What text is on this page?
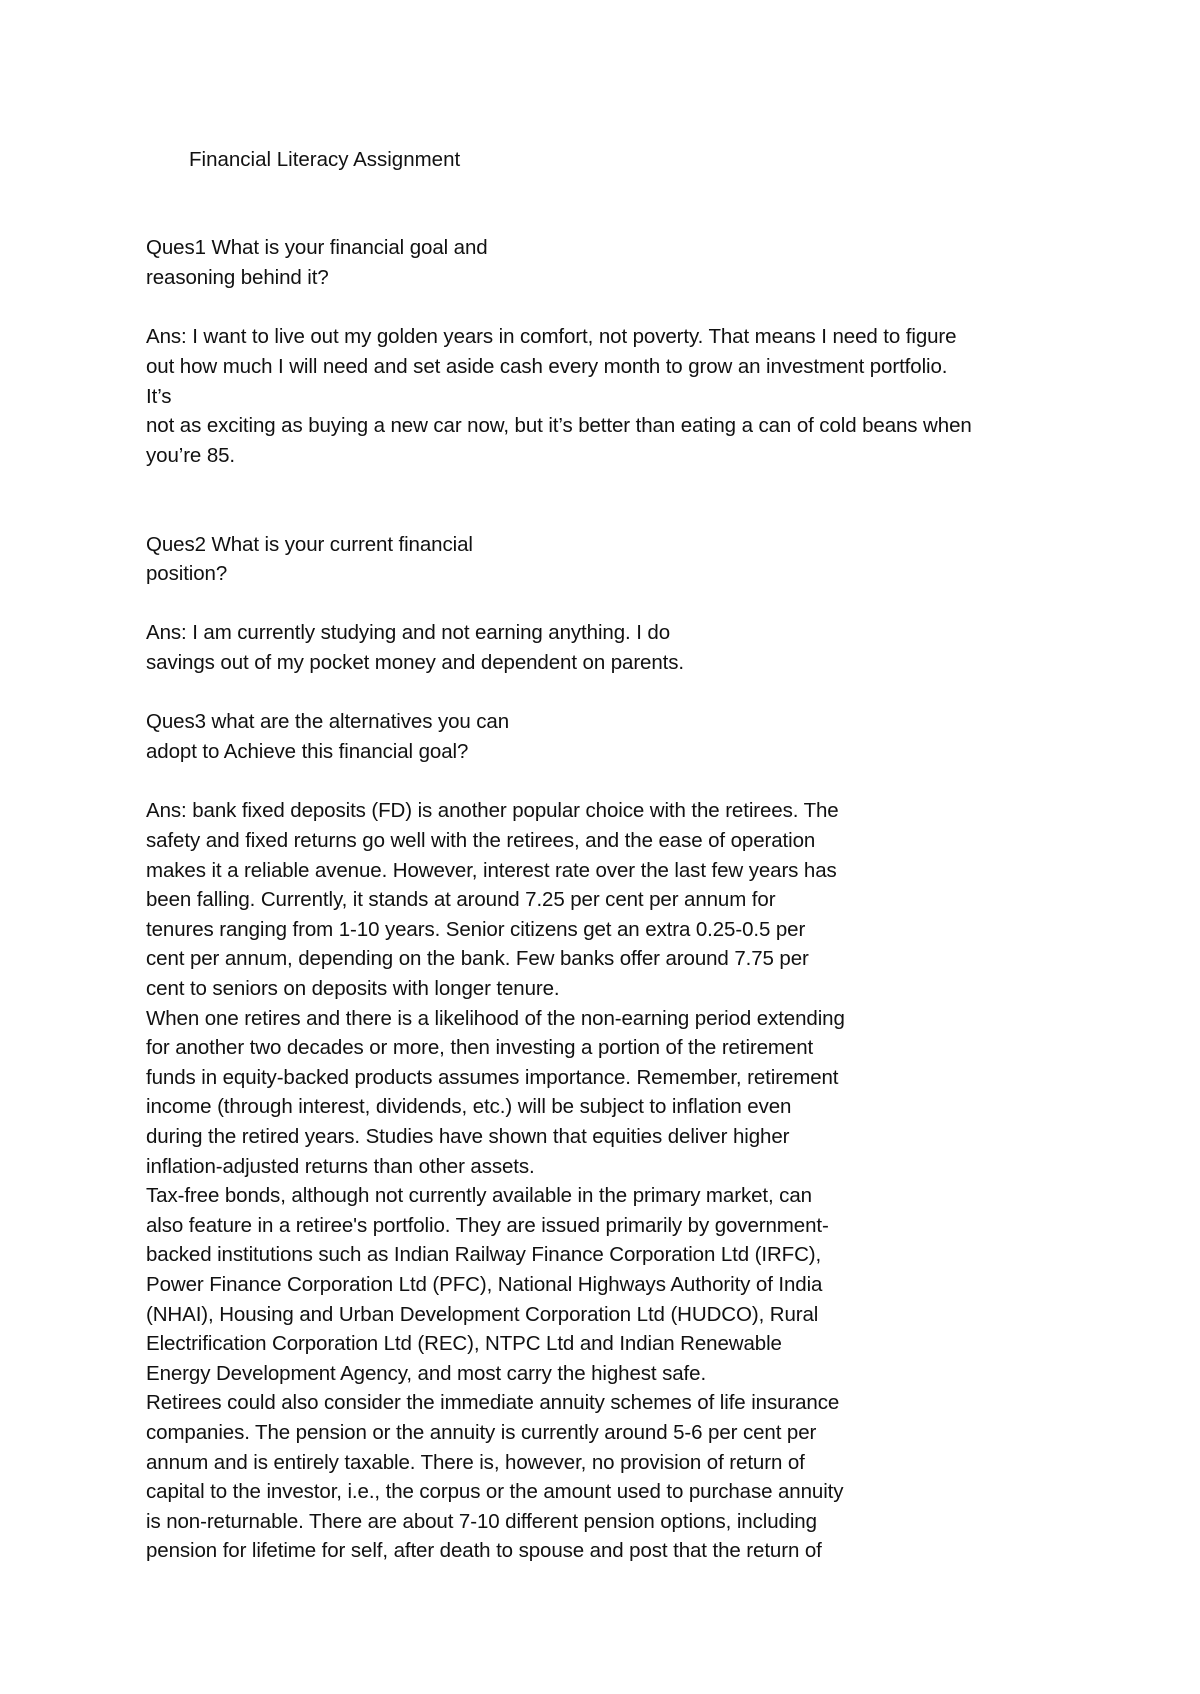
Financial Literacy Assignment
Ques1 What is your financial goal and
reasoning behind it?
Ans: I want to live out my golden years in comfort, not poverty. That means I need to figure
out how much I will need and set aside cash every month to grow an investment portfolio.
It’s
not as exciting as buying a new car now, but it’s better than eating a can of cold beans when
you’re 85.
Ques2 What is your current financial
position?
Ans: I am currently studying and not earning anything. I do
savings out of my pocket money and dependent on parents.
Ques3 what are the alternatives you can
adopt to Achieve this financial goal?
Ans: bank fixed deposits (FD) is another popular choice with the retirees. The
safety and fixed returns go well with the retirees, and the ease of operation
makes it a reliable avenue. However, interest rate over the last few years has
been falling. Currently, it stands at around 7.25 per cent per annum for
tenures ranging from 1-10 years. Senior citizens get an extra 0.25-0.5 per
cent per annum, depending on the bank. Few banks offer around 7.75 per
cent to seniors on deposits with longer tenure.
When one retires and there is a likelihood of the non-earning period extending
for another two decades or more, then investing a portion of the retirement
funds in equity-backed products assumes importance. Remember, retirement
income (through interest, dividends, etc.) will be subject to inflation even
during the retired years. Studies have shown that equities deliver higher
inflation-adjusted returns than other assets.
Tax-free bonds, although not currently available in the primary market, can
also feature in a retiree's portfolio. They are issued primarily by government-
backed institutions such as Indian Railway Finance Corporation Ltd (IRFC),
Power Finance Corporation Ltd (PFC), National Highways Authority of India
(NHAI), Housing and Urban Development Corporation Ltd (HUDCO), Rural
Electrification Corporation Ltd (REC), NTPC Ltd and Indian Renewable
Energy Development Agency, and most carry the highest safe.
Retirees could also consider the immediate annuity schemes of life insurance
companies. The pension or the annuity is currently around 5-6 per cent per
annum and is entirely taxable. There is, however, no provision of return of
capital to the investor, i.e., the corpus or the amount used to purchase annuity
is non-returnable. There are about 7-10 different pension options, including
pension for lifetime for self, after death to spouse and post that the return of
